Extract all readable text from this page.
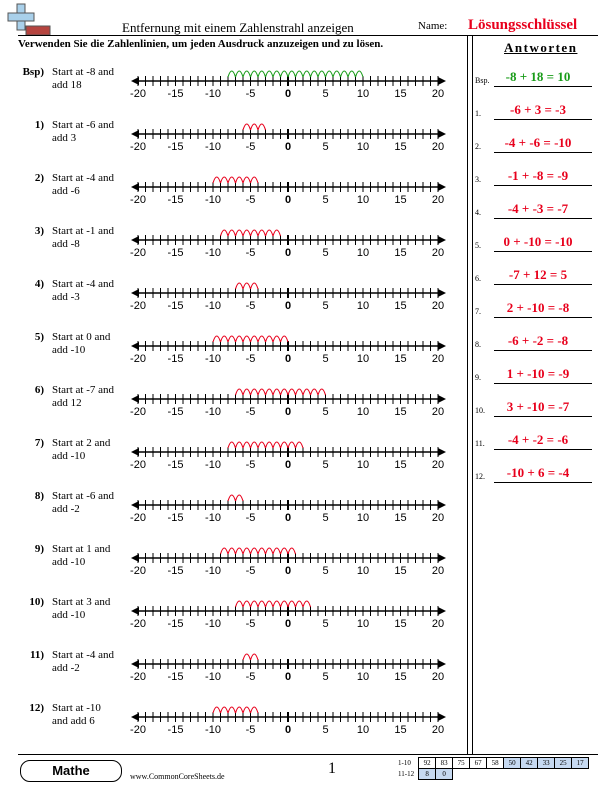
Entfernung mit einem Zahlenstrahl anzeigen	Name: Lösungsschlüssel
Verwenden Sie die Zahlenlinien, um jeden Ausdruck anzuzeigen und zu lösen.	Antworten
Bsp) Start at -8 and
add 18
1) Start at -6 and
add 3
2) Start at -4 and
add -6
3) Start at -1 and
add -8
4) Start at -4 and
add -3
5) Start at 0 and
add -10
6) Start at -7 and
add 12
7) Start at 2 and
add -10
8) Start at -6 and
add -2
9) Start at 1 and
add -10
10) Start at 3 and
add -10
11) Start at -4 and
add -2
12) Start at -10
and add 6
Bsp.	-8 + 18 = 10
1.	-6 + 3 = -3
2.	-4 + -6 = -10
3.	-1 + -8 = -9
4.	-4 + -3 = -7
5.	0 + -10 = -10
6.	-7 + 12 = 5
7.	2 + -10 = -8
8.	-6 + -2 = -8
9.	1 + -10 = -9
10.	3 + -10 = -7
11.	-4 + -2 = -6
12.	-10 + 6 = -4
-20 -15 -10 -5	0	5	10 15 20
-20 -15 -10 -5	0	5	10 15 20
-20 -15 -10 -5	0	5	10 15 20
-20 -15 -10 -5	0	5	10 15 20
-20 -15 -10 -5	0	5	10 15 20
-20 -15 -10 -5	0	5	10 15 20
-20 -15 -10 -5	0	5	10 15 20
-20 -15 -10 -5	0	5	10 15 20
-20 -15 -10 -5	0	5	10 15 20
-20 -15 -10 -5	0	5	10 15 20
-20 -15 -10 -5	0	5	10 15 20
-20 -15 -10 -5	0	5	10 15 20
-20 -15 -10 -5	0	5	10 15 20
Mathe	www.CommonCoreSheets.de	1	1-10	92	83	75	67	58	50	42	33	25	17
11-12	8	0								
